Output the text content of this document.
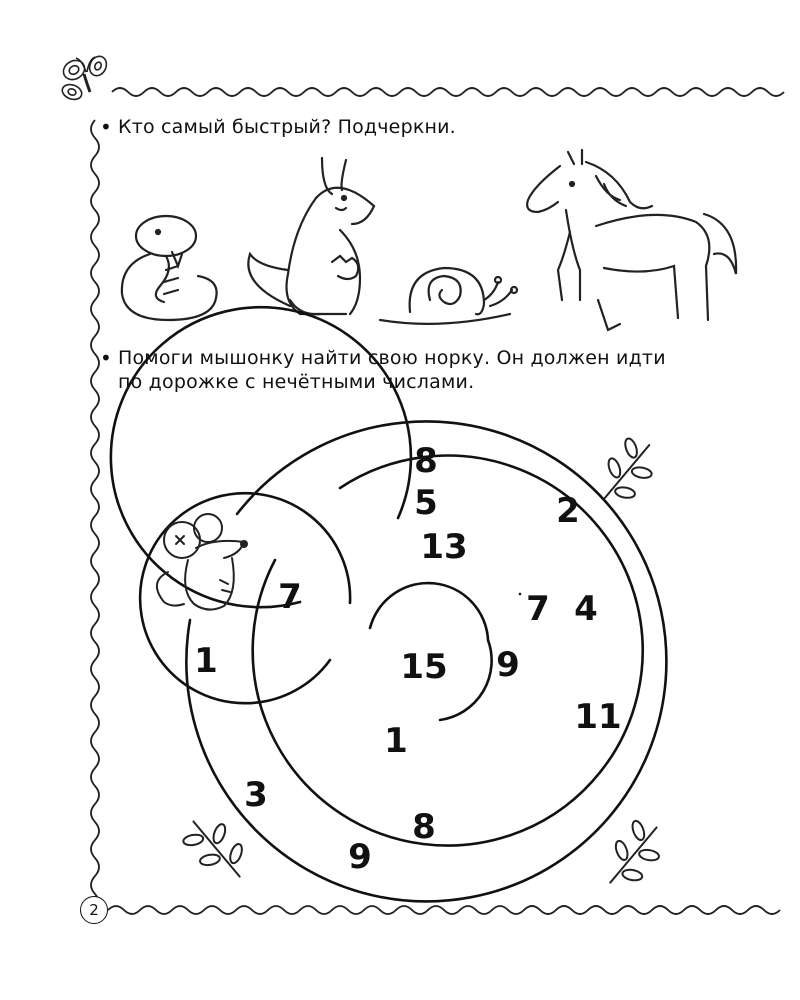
8
5	2
13
7	7 4
1	15 9
11
1
3
8
9
• Кто самый быстрый? Подчеркни.
• Помоги мышонку найти свою норку. Он должен идти
по дорожке с нечётными числами.
2
